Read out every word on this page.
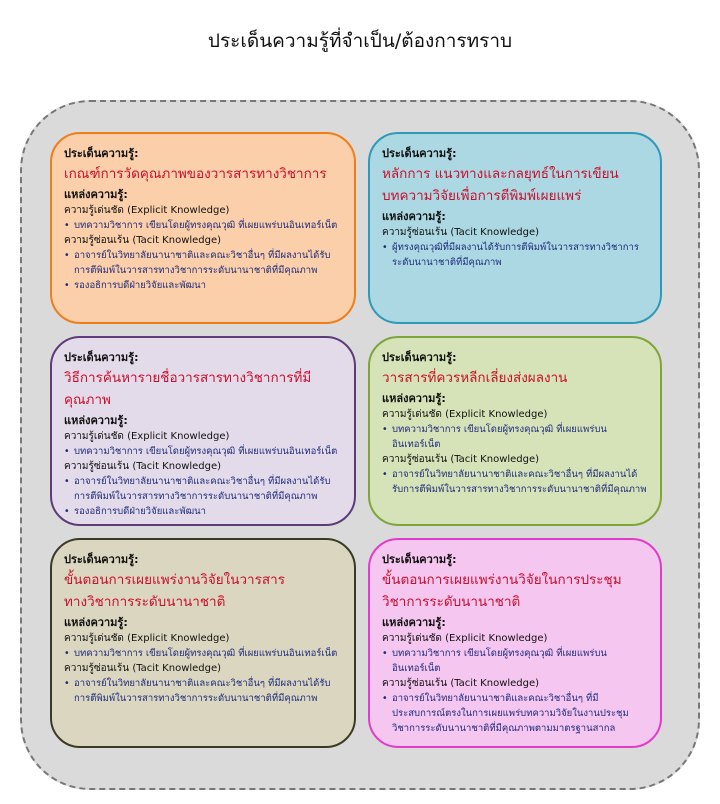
ประเด็นความรู้ที่จำเป็น/ต้องการทราบ
ประเด็นความรู้:
เกณฑ์การวัดคุณภาพของวารสารทางวิชาการ
แหล่งความรู้:
ความรู้เด่นชัด (Explicit Knowledge)
• บทความวิชาการ เขียนโดยผู้ทรงคุณวุฒิ ที่เผยแพร่บนอินเทอร์เน็ต
ความรู้ซ่อนเร้น (Tacit Knowledge)
• อาจารย์ในวิทยาลัยนานาชาติและคณะวิชาอื่นๆ ที่มีผลงานได้รับการตีพิมพ์ในวารสารทางวิชาการระดับนานาชาติที่มีคุณภาพ
• รองอธิการบดีฝ่ายวิจัยและพัฒนา
ประเด็นความรู้:
หลักการ แนวทางและกลยุทธ์ในการเขียน
บทความวิจัยเพื่อการตีพิมพ์เผยแพร่
แหล่งความรู้:
ความรู้ซ่อนเร้น (Tacit Knowledge)
• ผู้ทรงคุณวุฒิที่มีผลงานได้รับการตีพิมพ์ในวารสารทางวิชาการระดับนานาชาติที่มีคุณภาพ
ประเด็นความรู้:
วิธีการค้นหารายชื่อวารสารทางวิชาการที่มีคุณภาพ
แหล่งความรู้:
ความรู้เด่นชัด (Explicit Knowledge)
• บทความวิชาการ เขียนโดยผู้ทรงคุณวุฒิ ที่เผยแพร่บนอินเทอร์เน็ต
ความรู้ซ่อนเร้น (Tacit Knowledge)
• อาจารย์ในวิทยาลัยนานาชาติและคณะวิชาอื่นๆ ที่มีผลงานได้รับการตีพิมพ์ในวารสารทางวิชาการระดับนานาชาติที่มีคุณภาพ
• รองอธิการบดีฝ่ายวิจัยและพัฒนา
ประเด็นความรู้:
วารสารที่ควรหลีกเลี่ยงส่งผลงาน
แหล่งความรู้:
ความรู้เด่นชัด (Explicit Knowledge)
• บทความวิชาการ เขียนโดยผู้ทรงคุณวุฒิ ที่เผยแพร่บนอินเทอร์เน็ต
ความรู้ซ่อนเร้น (Tacit Knowledge)
• อาจารย์ในวิทยาลัยนานาชาติและคณะวิชาอื่นๆ ที่มีผลงานได้รับการตีพิมพ์ในวารสารทางวิชาการระดับนานาชาติที่มีคุณภาพ
ประเด็นความรู้:
ขั้นตอนการเผยแพร่งานวิจัยในวารสาร
ทางวิชาการระดับนานาชาติ
แหล่งความรู้:
ความรู้เด่นชัด (Explicit Knowledge)
• บทความวิชาการ เขียนโดยผู้ทรงคุณวุฒิ ที่เผยแพร่บนอินเทอร์เน็ต
ความรู้ซ่อนเร้น (Tacit Knowledge)
• อาจารย์ในวิทยาลัยนานาชาติและคณะวิชาอื่นๆ ที่มีผลงานได้รับการตีพิมพ์ในวารสารทางวิชาการระดับนานาชาติที่มีคุณภาพ
ประเด็นความรู้:
ขั้นตอนการเผยแพร่งานวิจัยในการประชุม
วิชาการระดับนานาชาติ
แหล่งความรู้:
ความรู้เด่นชัด (Explicit Knowledge)
• บทความวิชาการ เขียนโดยผู้ทรงคุณวุฒิ ที่เผยแพร่บนอินเทอร์เน็ต
ความรู้ซ่อนเร้น (Tacit Knowledge)
• อาจารย์ในวิทยาลัยนานาชาติและคณะวิชาอื่นๆ ที่มีประสบการณ์ตรงในการเผยแพร่บทความวิจัยในงานประชุมวิชาการระดับนานาชาติที่มีคุณภาพตามมาตรฐานสากล
